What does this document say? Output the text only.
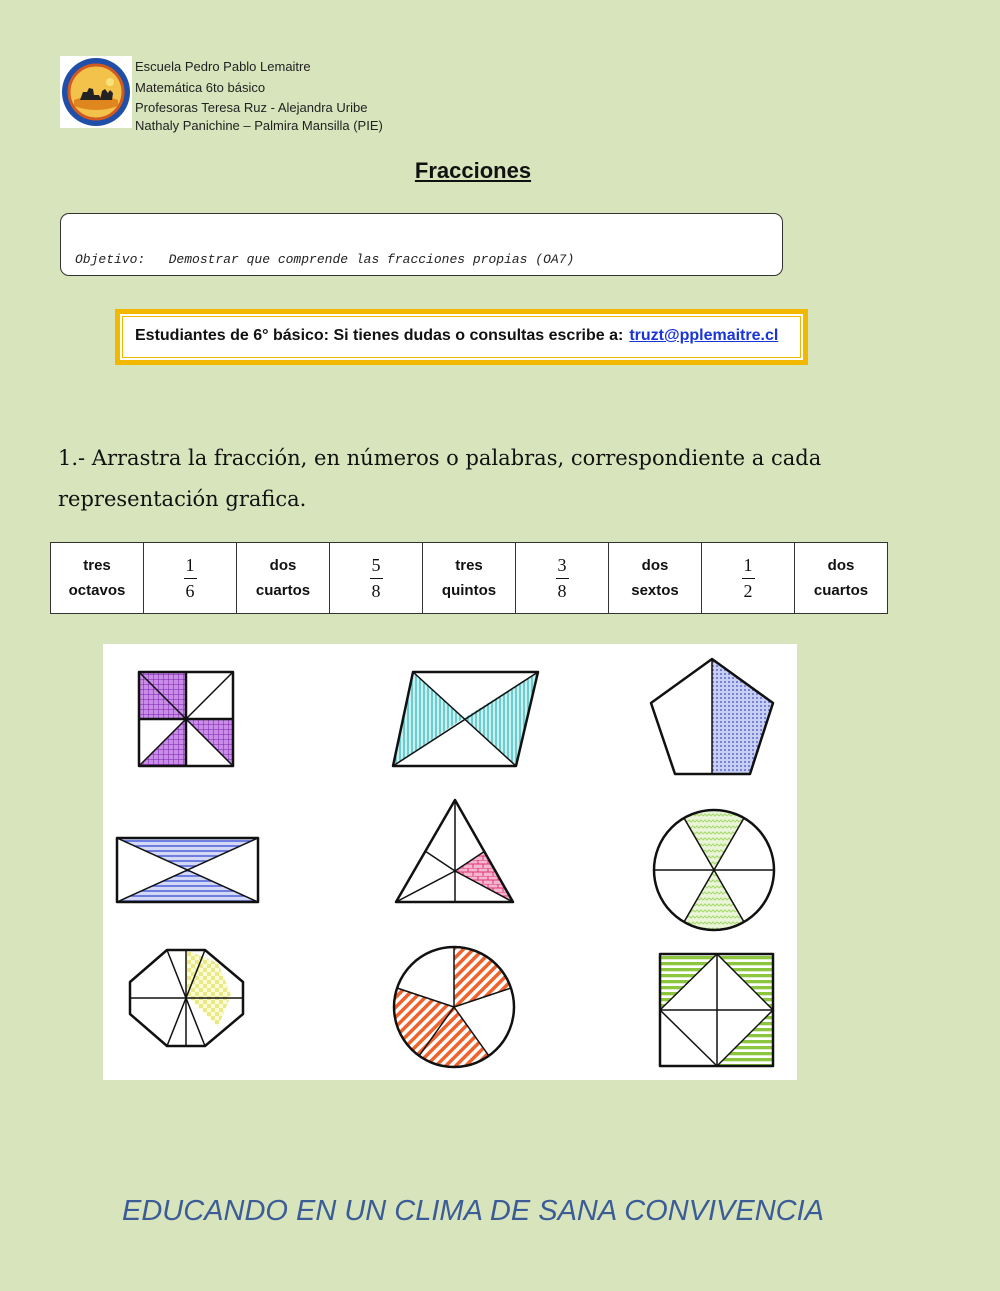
Escuela Pedro Pablo Lemaitre
Matemática 6to básico
Profesoras Teresa Ruz - Alejandra Uribe
Nathaly Panichine – Palmira Mansilla (PIE)
Fracciones
Objetivo:   Demostrar que comprende las fracciones propias (OA7)
Estudiantes de 6° básico: Si tienes dudas o consultas escribe a: truzt@pplemaitre.cl
1.- Arrastra la fracción, en números o palabras, correspondiente a cada
representación grafica.
tres
octavos	$\frac{1}{6}$	dos
cuartos	$\frac{5}{8}$	tres
quintos	$\frac{3}{8}$	dos
sextos	$\frac{1}{2}$	dos
cuartos
EDUCANDO EN UN CLIMA DE SANA CONVIVENCIA
